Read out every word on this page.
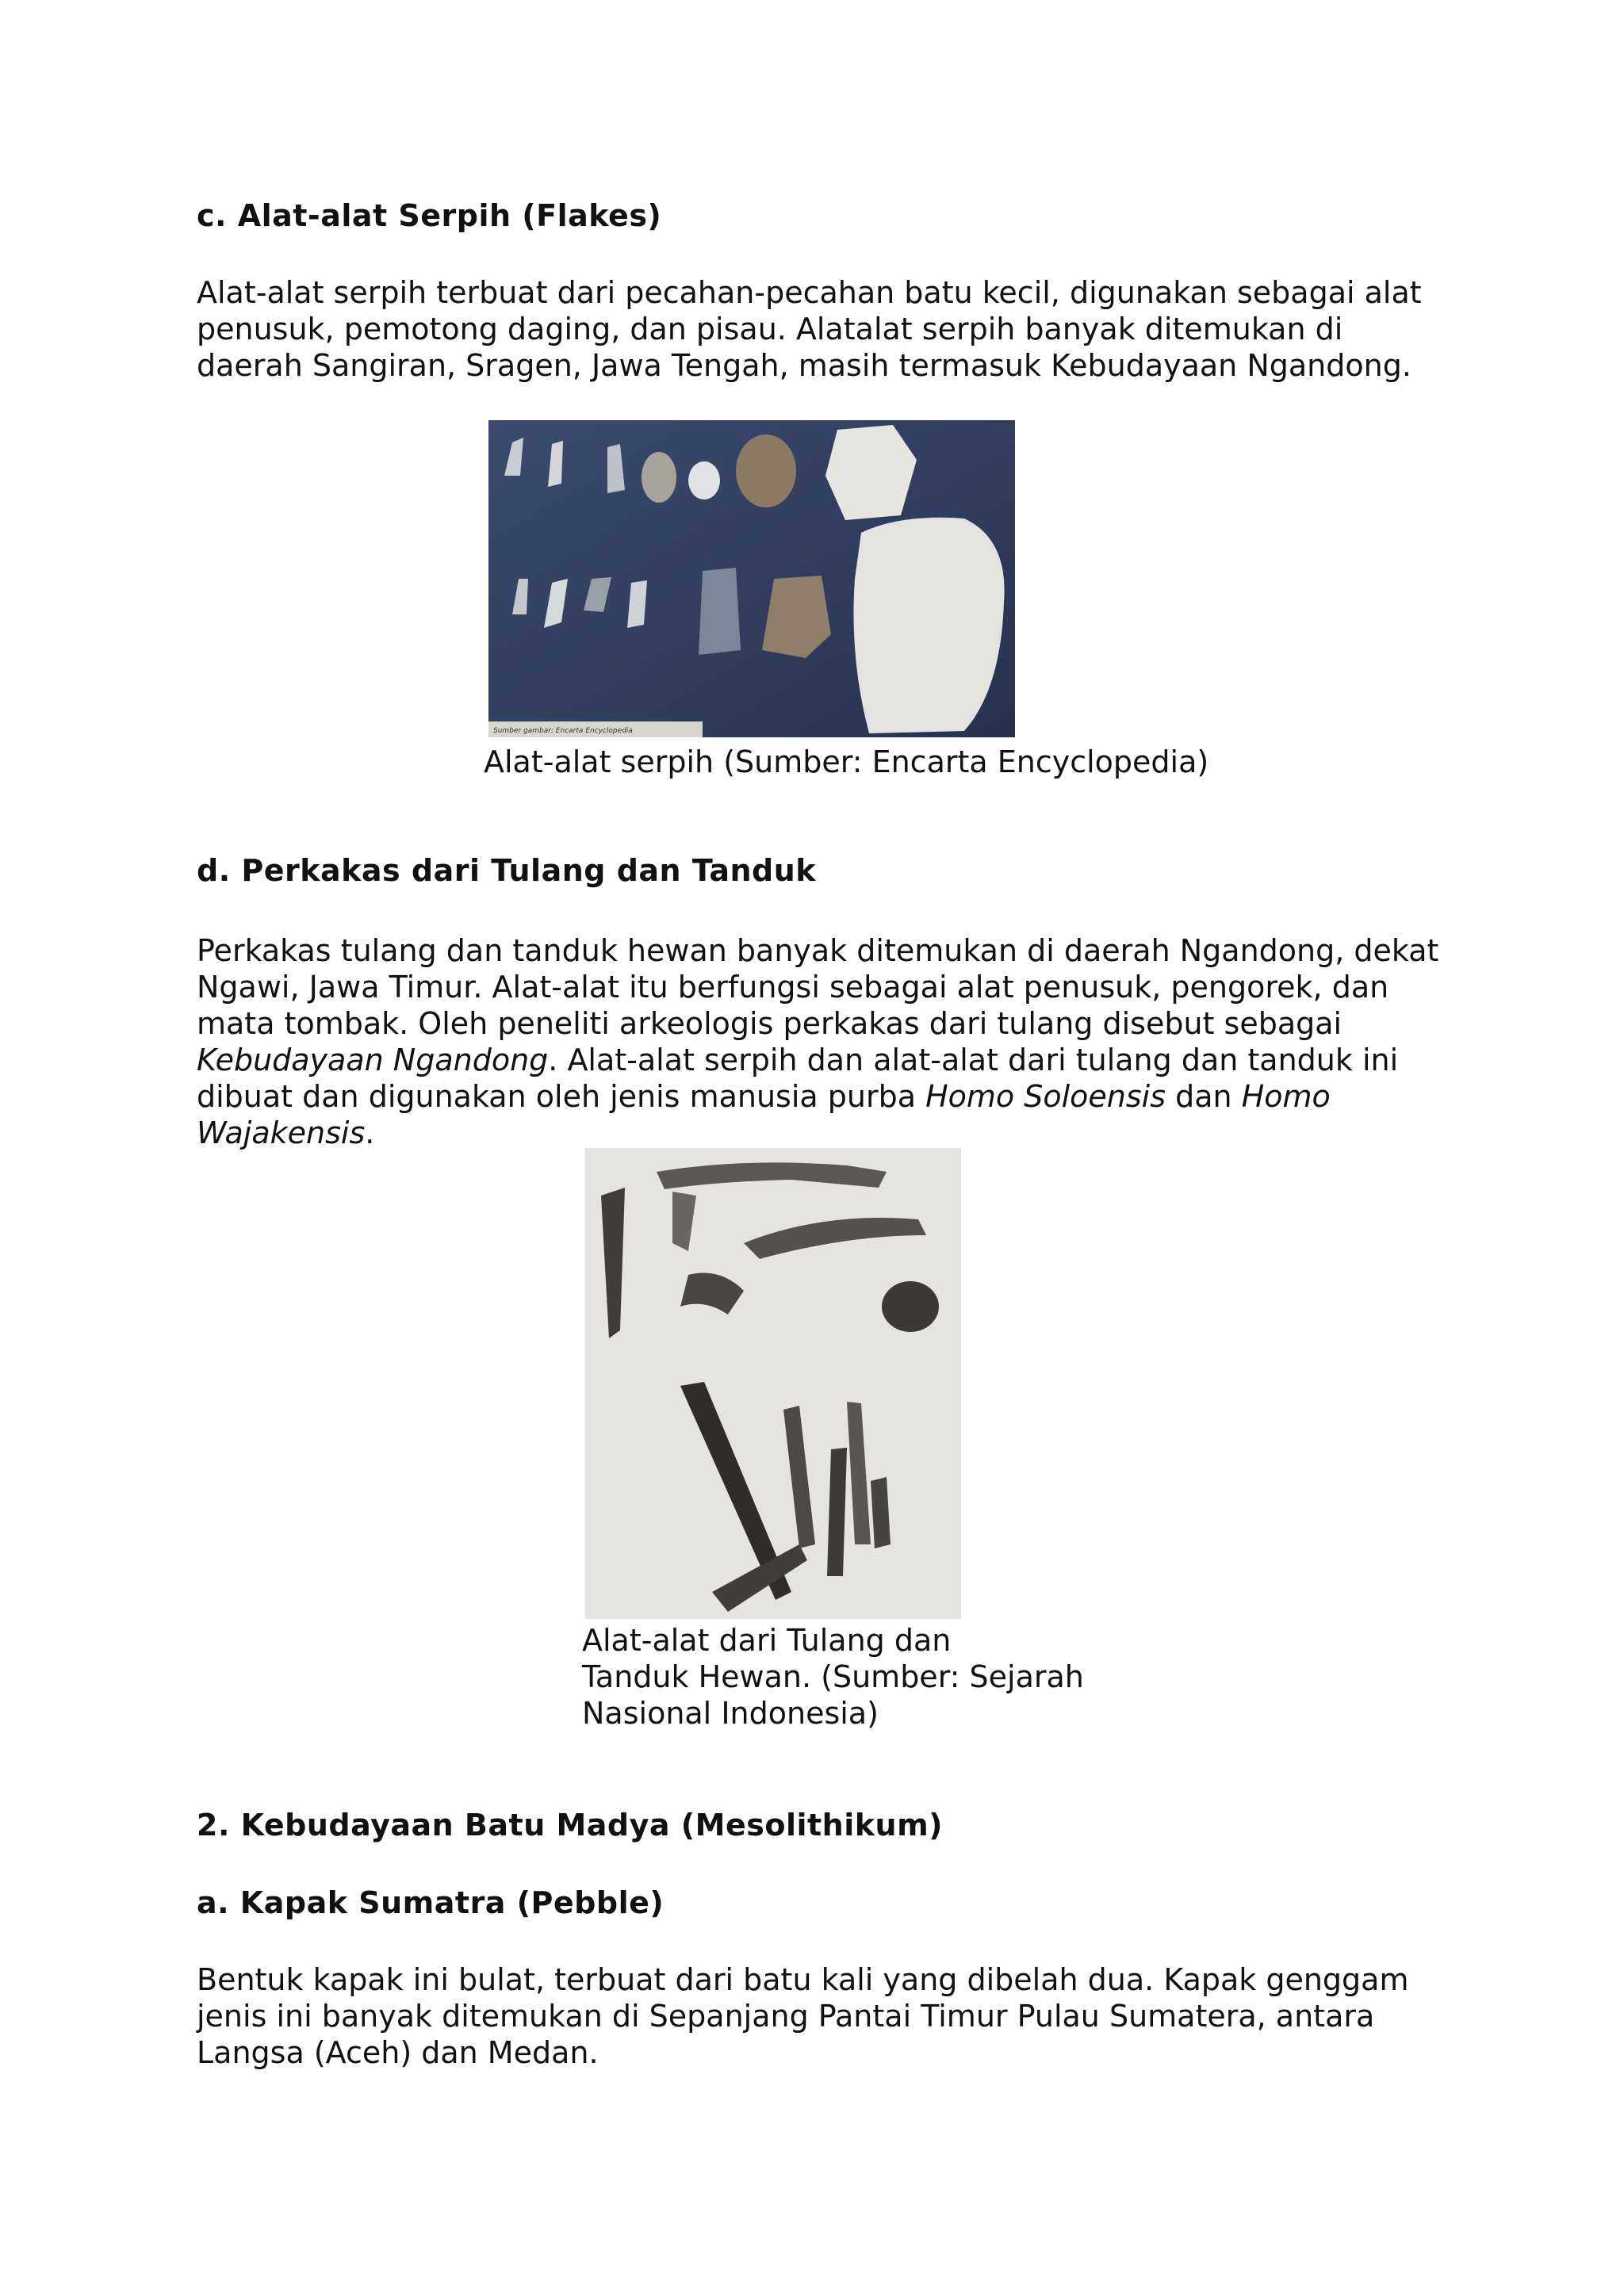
c. Alat-alat Serpih (Flakes)
Alat-alat serpih terbuat dari pecahan-pecahan batu kecil, digunakan sebagai alat penusuk, pemotong daging, dan pisau. Alatalat serpih banyak ditemukan di daerah Sangiran, Sragen, Jawa Tengah, masih termasuk Kebudayaan Ngandong.
Sumber gambar: Encarta Encyclopedia
Alat-alat serpih (Sumber: Encarta Encyclopedia)
d. Perkakas dari Tulang dan Tanduk
Perkakas tulang dan tanduk hewan banyak ditemukan di daerah Ngandong, dekat Ngawi, Jawa Timur. Alat-alat itu berfungsi sebagai alat penusuk, pengorek, dan mata tombak. Oleh peneliti arkeologis perkakas dari tulang disebut sebagai Kebudayaan Ngandong. Alat-alat serpih dan alat-alat dari tulang dan tanduk ini dibuat dan digunakan oleh jenis manusia purba Homo Soloensis dan Homo Wajakensis.
Alat-alat dari Tulang dan
Tanduk Hewan. (Sumber: Sejarah
Nasional Indonesia)
2. Kebudayaan Batu Madya (Mesolithikum)
a. Kapak Sumatra (Pebble)
Bentuk kapak ini bulat, terbuat dari batu kali yang dibelah dua. Kapak genggam jenis ini banyak ditemukan di Sepanjang Pantai Timur Pulau Sumatera, antara Langsa (Aceh) dan Medan.
